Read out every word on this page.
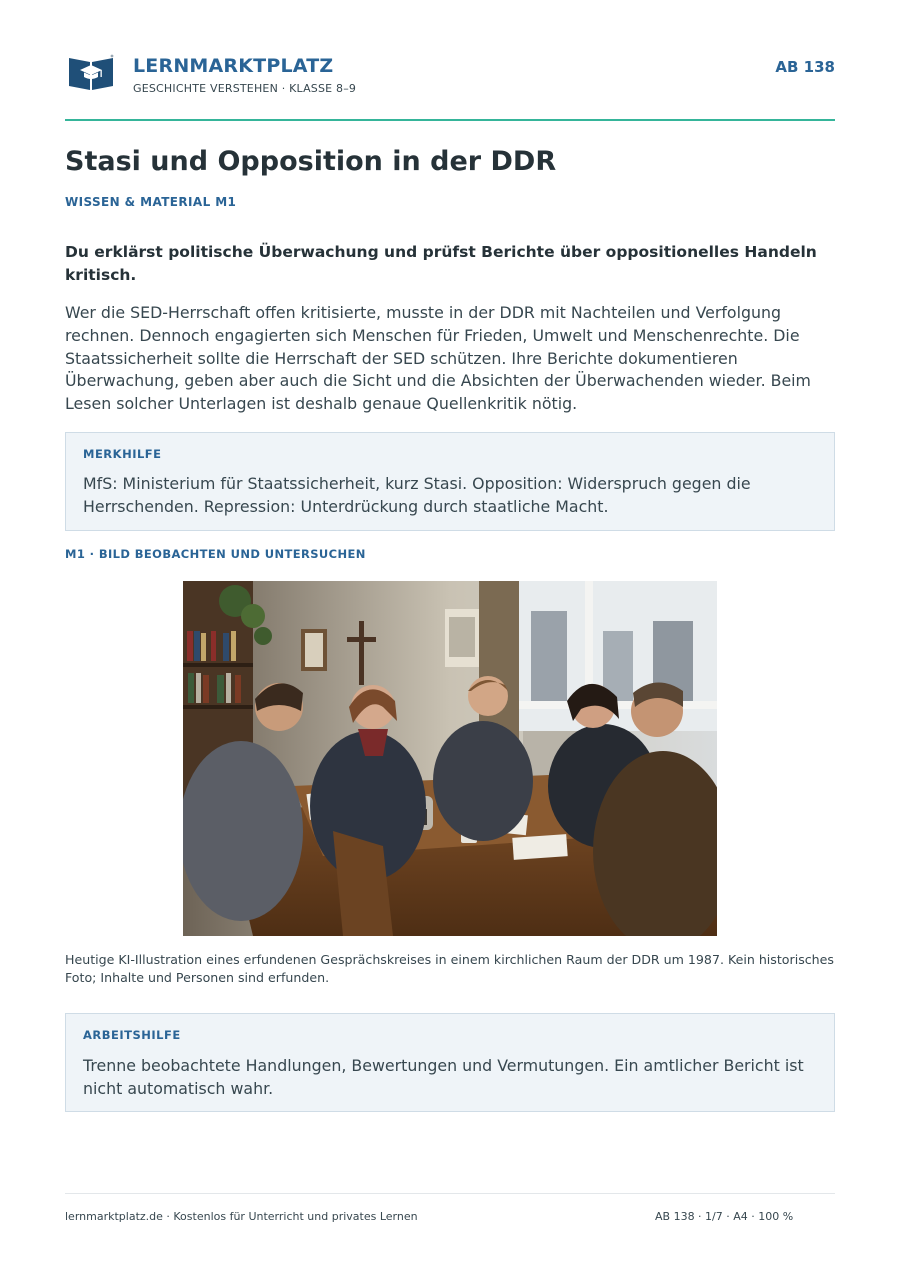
LERNMARKTPLATZ
GESCHICHTE VERSTEHEN · KLASSE 8–9
AB 138
Stasi und Opposition in der DDR
WISSEN & MATERIAL M1

Du erklärst politische Überwachung und prüfst Berichte über oppositionelles Handeln kritisch.

Wer die SED-Herrschaft offen kritisierte, musste in der DDR mit Nachteilen und Verfolgung rechnen. Dennoch engagierten sich Menschen für Frieden, Umwelt und Menschenrechte. Die Staatssicherheit sollte die Herrschaft der SED schützen. Ihre Berichte dokumentieren Überwachung, geben aber auch die Sicht und die Absichten der Überwachenden wieder. Beim Lesen solcher Unterlagen ist deshalb genaue Quellenkritik nötig.

MERKHILFE

MfS: Ministerium für Staatssicherheit, kurz Stasi. Opposition: Widerspruch gegen die Herrschenden. Repression: Unterdrückung durch staatliche Macht.

M1 · BILD BEOBACHTEN UND UNTERSUCHEN

Heutige KI-Illustration eines erfundenen Gesprächskreises in einem kirchlichen Raum der DDR um 1987. Kein historisches Foto; Inhalte und Personen sind erfunden.

ARBEITSHILFE

Trenne beobachtete Handlungen, Bewertungen und Vermutungen. Ein amtlicher Bericht ist nicht automatisch wahr.

lernmarktplatz.de · Kostenlos für Unterricht und privates Lernen	AB 138 · 1/7 · A4 · 100 %
